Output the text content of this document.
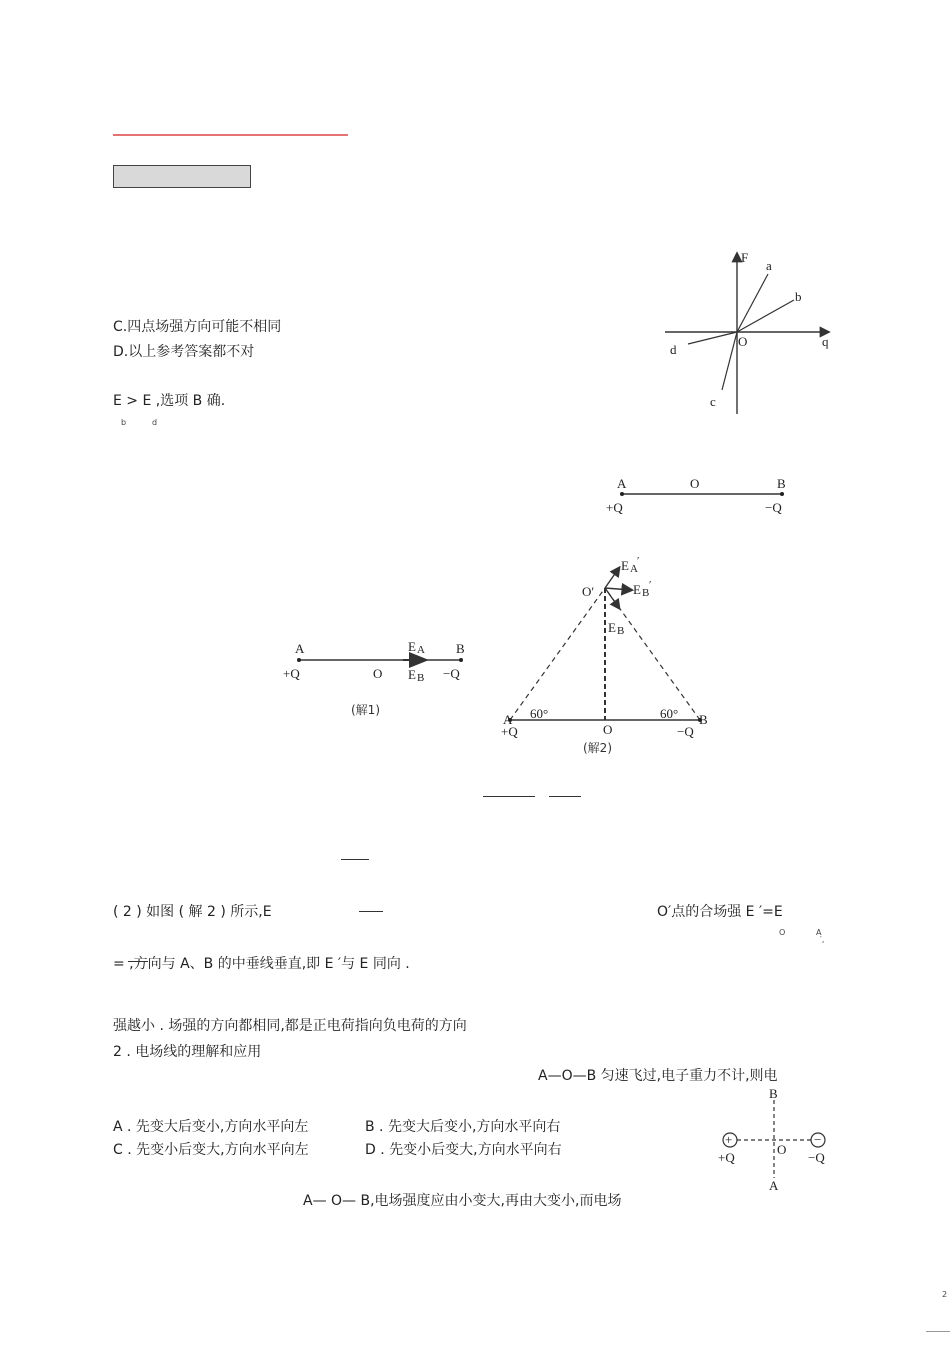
C.四点场强方向可能不相同
D.以上参考答案都不对
E > E ,选项 B 确.
b	d
( 2 ) 如图 ( 解 2 ) 所示,E	O′点的合场强 E ′=E
O	A
′,
= ,方向与 A、B 的中垂线垂直,即 E ′与 E 同向 .
强越小 . 场强的方向都相同,都是正电荷指向负电荷的方向
2 . 电场线的理解和应用
A—O—B 匀速飞过,电子重力不计,则电
A . 先变大后变小,方向水平向左	B . 先变大后变小,方向水平向右
C . 先变小后变大,方向水平向左	D . 先变小后变大,方向水平向右
A— O— B,电场强度应由小变大,再由大变小,而电场
2
F
q
O
a
b
c
d
A	O	B
+Q	−Q
A	B
O
+Q	−Q
E A
E B
(解1)
A	B
O
O′
+Q	−Q
60°	60°
E A
′
E B
′
E B
(解2)
+	−
B
A
O
+Q	−Q
